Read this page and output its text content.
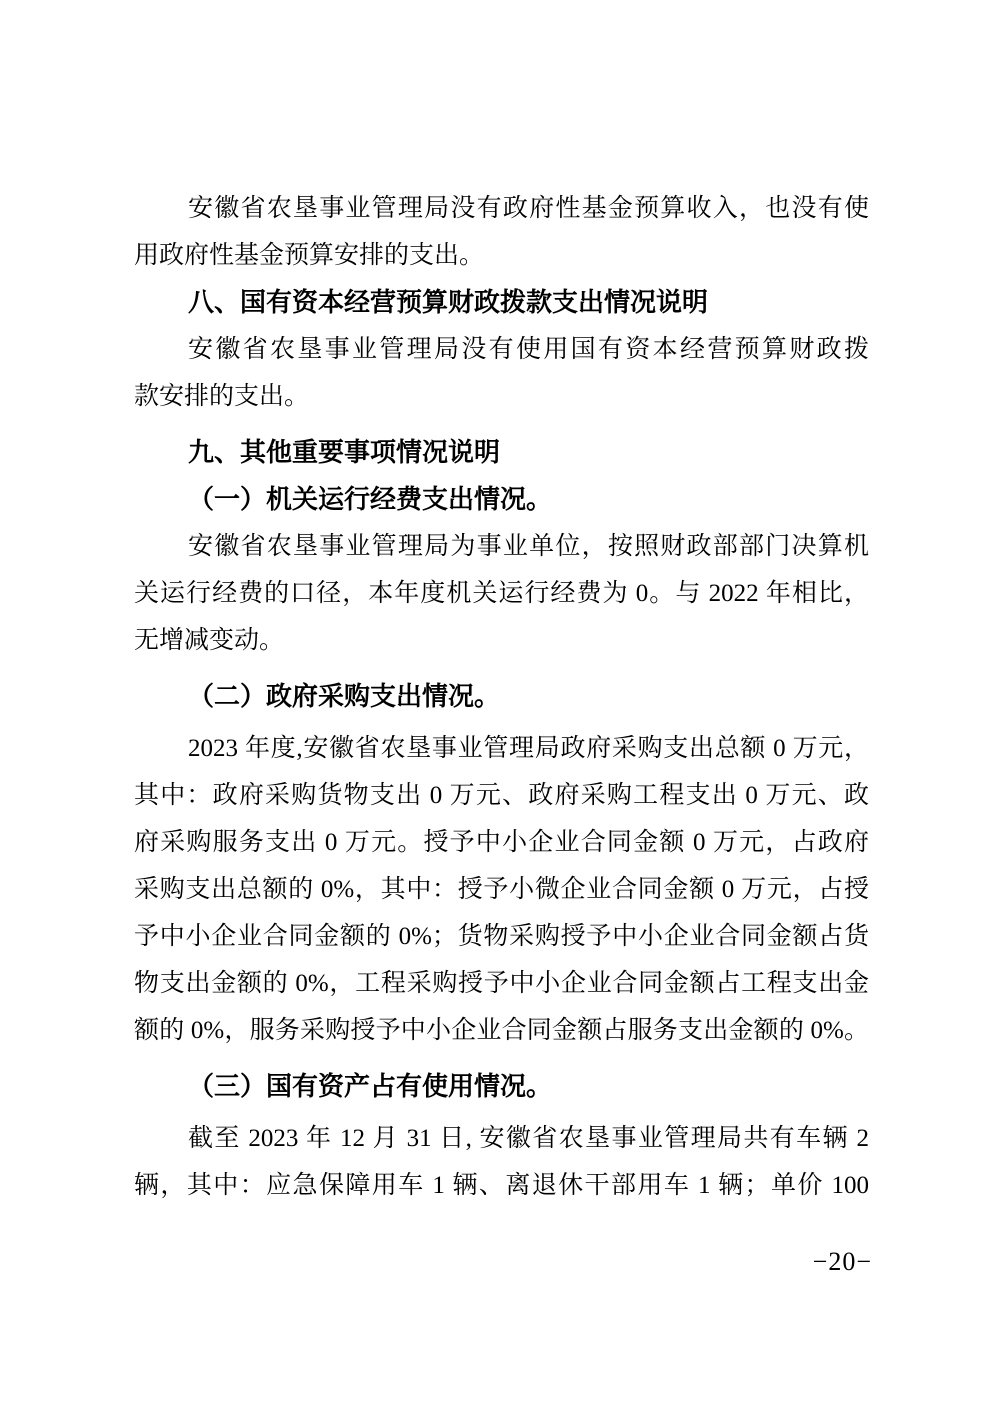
安徽省农垦事业管理局没有政府性基金预算收入，也没有使
用政府性基金预算安排的支出。
八、国有资本经营预算财政拨款支出情况说明
安徽省农垦事业管理局没有使用国有资本经营预算财政拨
款安排的支出。
九、其他重要事项情况说明
（一）机关运行经费支出情况。
安徽省农垦事业管理局为事业单位，按照财政部部门决算机
关运行经费的口径，本年度机关运行经费为 0。与 2022 年相比，
无增减变动。
（二）政府采购支出情况。
2023 年度,安徽省农垦事业管理局政府采购支出总额 0 万元，
其中：政府采购货物支出 0 万元、政府采购工程支出 0 万元、政
府采购服务支出 0 万元。授予中小企业合同金额 0 万元，占政府
采购支出总额的 0%，其中：授予小微企业合同金额 0 万元，占授
予中小企业合同金额的 0%；货物采购授予中小企业合同金额占货
物支出金额的 0%，工程采购授予中小企业合同金额占工程支出金
额的 0%，服务采购授予中小企业合同金额占服务支出金额的 0%。
（三）国有资产占有使用情况。
截至 2023 年 12 月 31 日, 安徽省农垦事业管理局共有车辆 2
辆，其中：应急保障用车 1 辆、离退休干部用车 1 辆；单价 100
−20−
